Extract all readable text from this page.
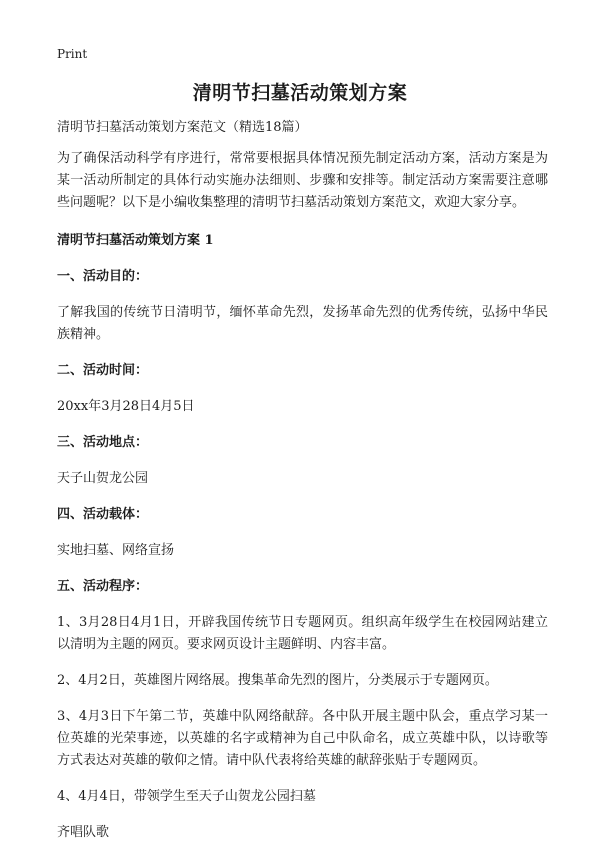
Print
清明节扫墓活动策划方案

清明节扫墓活动策划方案范文（精选18篇）

为了确保活动科学有序进行，常常要根据具体情况预先制定活动方案，活动方案是为某一活动所制定的具体行动实施办法细则、步骤和安排等。制定活动方案需要注意哪些问题呢？以下是小编收集整理的清明节扫墓活动策划方案范文，欢迎大家分享。

清明节扫墓活动策划方案 1

一、活动目的：

了解我国的传统节日清明节，缅怀革命先烈，发扬革命先烈的优秀传统，弘扬中华民族精神。

二、活动时间：

20xx年3月28日4月5日

三、活动地点：

天子山贺龙公园

四、活动载体：

实地扫墓、网络宣扬

五、活动程序：

1、3月28日4月1日，开辟我国传统节日专题网页。组织高年级学生在校园网站建立以清明为主题的网页。要求网页设计主题鲜明、内容丰富。

2、4月2日，英雄图片网络展。搜集革命先烈的图片，分类展示于专题网页。

3、4月3日下午第二节，英雄中队网络献辞。各中队开展主题中队会，重点学习某一位英雄的光荣事迹，以英雄的名字或精神为自己中队命名，成立英雄中队，以诗歌等方式表达对英雄的敬仰之情。请中队代表将给英雄的献辞张贴于专题网页。

4、4月4日，带领学生至天子山贺龙公园扫墓

齐唱队歌
